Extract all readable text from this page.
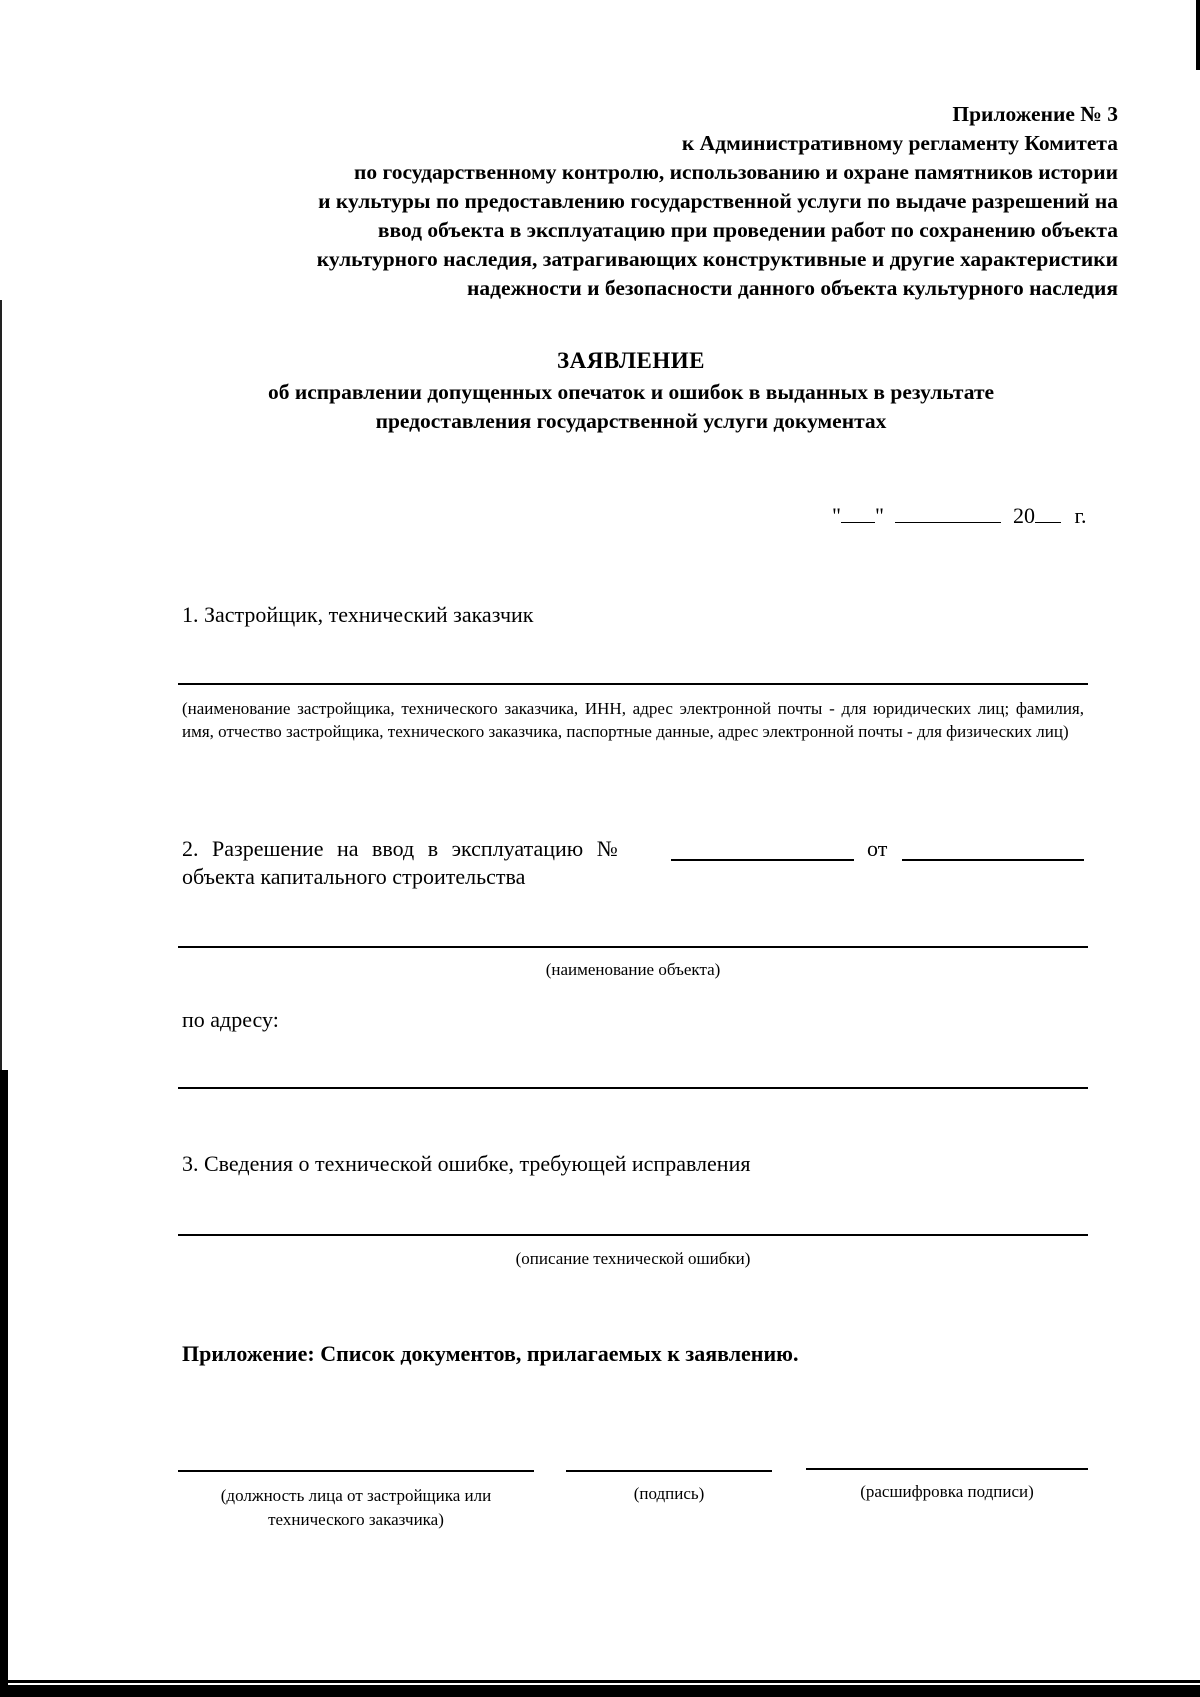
Приложение № 3
к Административному регламенту Комитета
по государственному контролю, использованию и охране памятников истории
и культуры по предоставлению государственной услуги по выдаче разрешений на
ввод объекта в эксплуатацию при проведении работ по сохранению объекта
культурного наследия, затрагивающих конструктивные и другие характеристики
надежности и безопасности данного объекта культурного наследия
ЗАЯВЛЕНИЕ
об исправлении допущенных опечаток и ошибок в выданных в результате
предоставления государственной услуги документах
" "	20 г.
1. Застройщик, технический заказчик
(наименование застройщика, технического заказчика, ИНН, адрес электронной почты - для юридических лиц; фамилия, имя, отчество застройщика, технического заказчика, паспортные данные, адрес электронной почты - для физических лиц)
2. Разрешение на ввод в эксплуатацию №	от
объекта капитального строительства
(наименование объекта)
по адресу:
3. Сведения о технической ошибке, требующей исправления
(описание технической ошибки)
Приложение: Список документов, прилагаемых к заявлению.
(должность лица от застройщика или
технического заказчика)
(подпись)	(расшифровка подписи)
